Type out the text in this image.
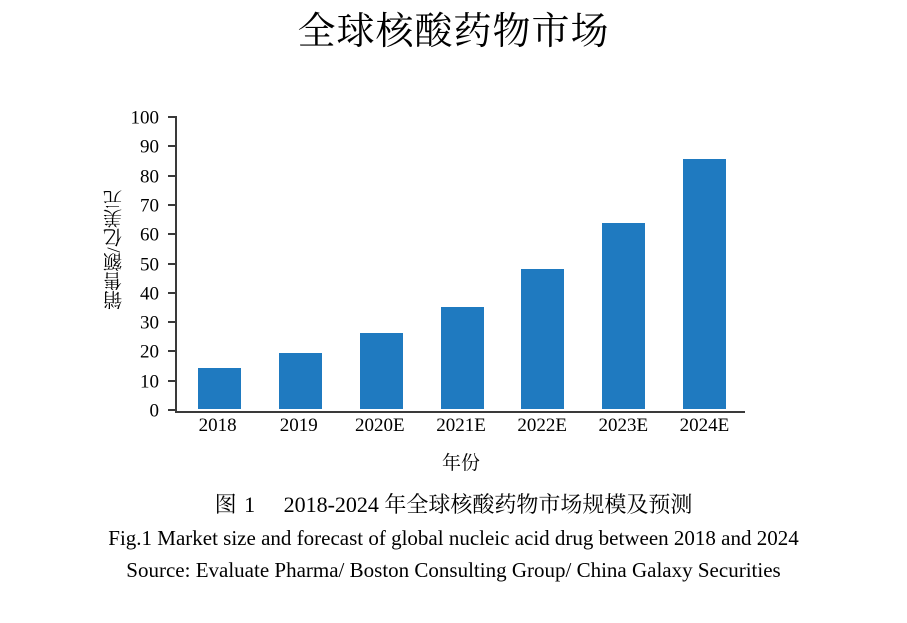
全球核酸药物市场
销售额/亿美元
0
10
20
30
40
50
60
70
80
90
100
2018	2019	2020E	2021E	2022E	2023E	2024E
年份
图 1 2018-2024 年全球核酸药物市场规模及预测
Fig.1 Market size and forecast of global nucleic acid drug between 2018 and 2024
Source: Evaluate Pharma/ Boston Consulting Group/ China Galaxy Securities
